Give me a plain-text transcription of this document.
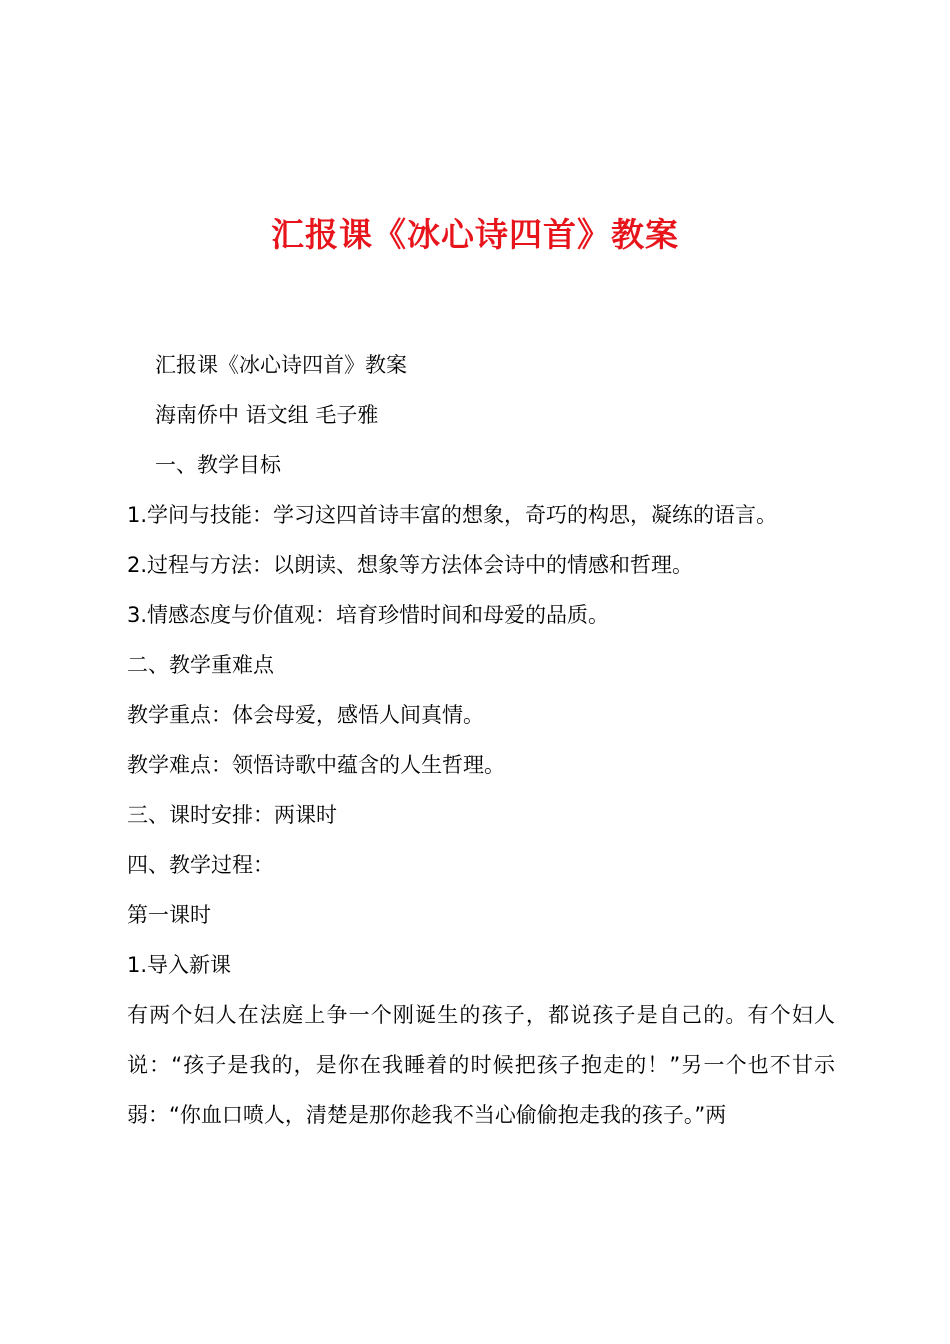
汇报课《冰心诗四首》教案

汇报课《冰心诗四首》教案

海南侨中 语文组 毛子雅

一、教学目标

1.学问与技能：学习这四首诗丰富的想象，奇巧的构思，凝练的语言。

2.过程与方法：以朗读、想象等方法体会诗中的情感和哲理。

3.情感态度与价值观：培育珍惜时间和母爱的品质。

二、教学重难点

教学重点：体会母爱，感悟人间真情。

教学难点：领悟诗歌中蕴含的人生哲理。

三、课时安排：两课时

四、教学过程：

第一课时

1.导入新课

有两个妇人在法庭上争一个刚诞生的孩子，都说孩子是自己的。有个妇人说：“孩子是我的，是你在我睡着的时候把孩子抱走的！”另一个也不甘示弱：“你血口喷人，清楚是那你趁我不当心偷偷抱走我的孩子。”两
